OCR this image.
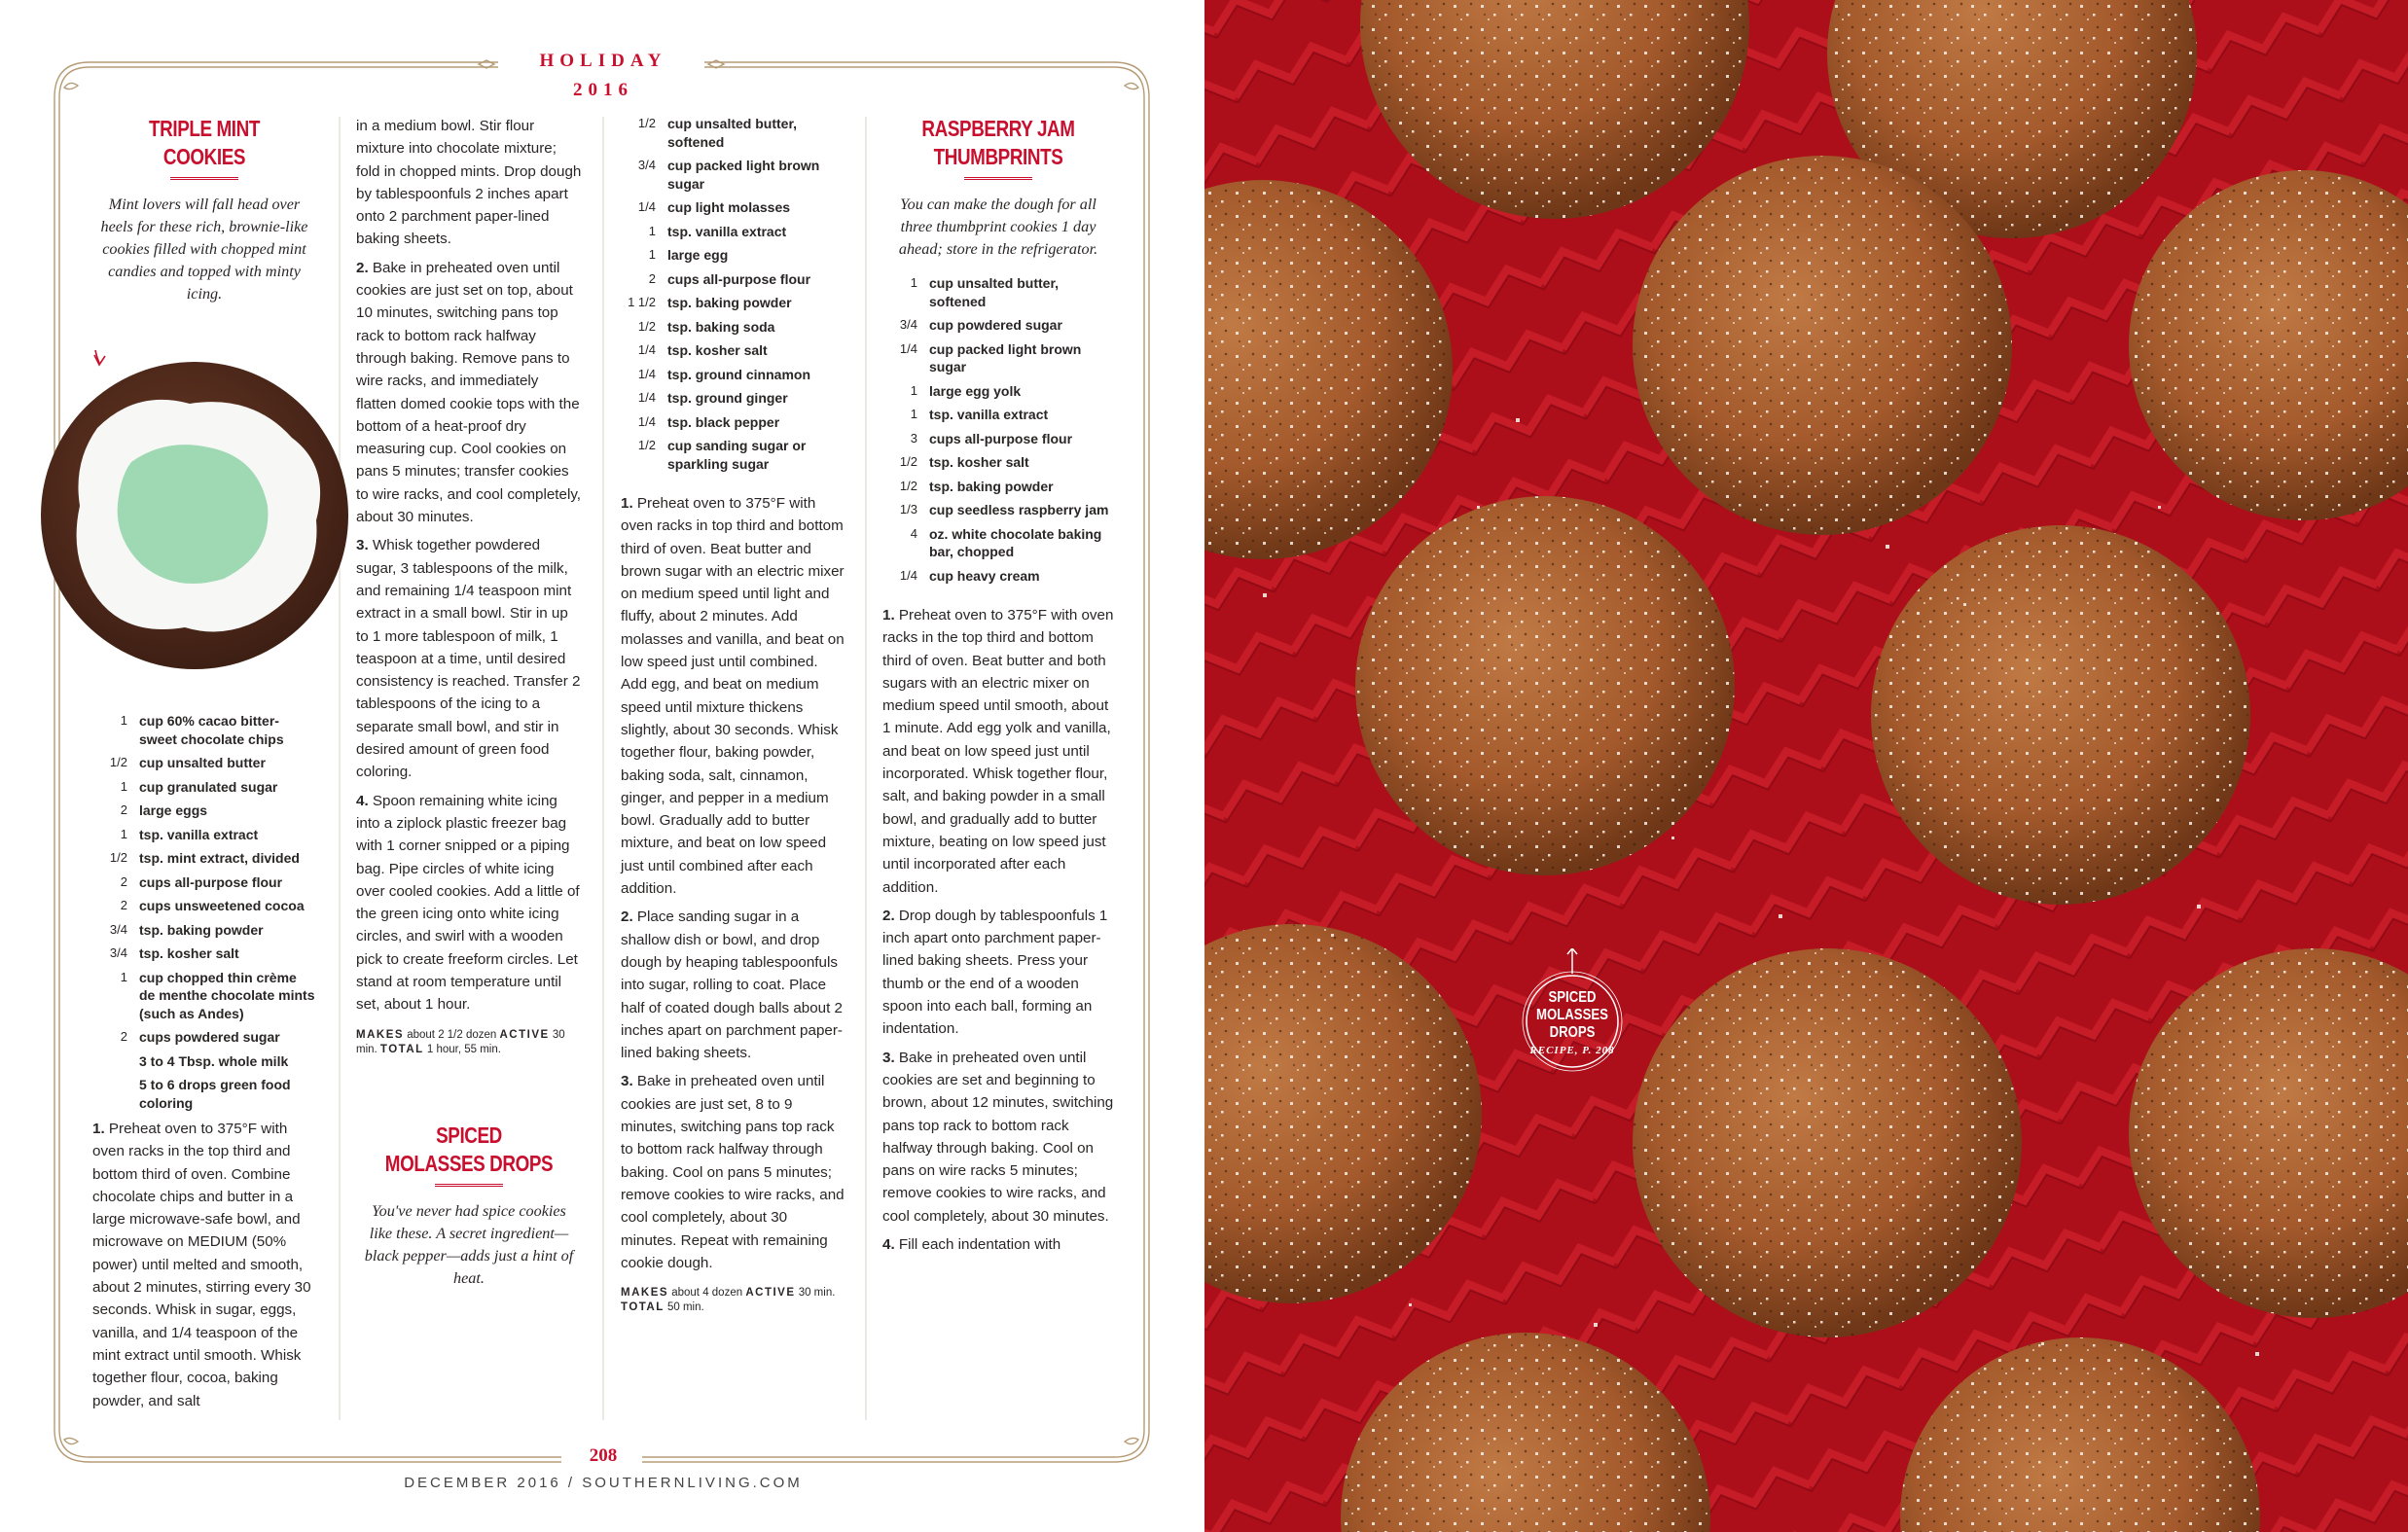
HOLIDAY 2016
208
DECEMBER 2016 / SOUTHERNLIVING.COM
TRIPLE MINT COOKIES
Mint lovers will fall head over heels for these rich, brownie-like cookies filled with chopped mint candies and topped with minty icing.
1 cup 60% cacao bitter-sweet chocolate chips
1/2 cup unsalted butter
1 cup granulated sugar
2 large eggs
1 tsp. vanilla extract
1/2 tsp. mint extract, divided
2 cups all-purpose flour
2 cups unsweetened cocoa
3/4 tsp. baking powder
3/4 tsp. kosher salt
1 cup chopped thin crème de menthe chocolate mints (such as Andes)
2 cups powdered sugar
3 to 4 Tbsp. whole milk
5 to 6 drops green food coloring

1. Preheat oven to 375°F with oven racks in the top third and bottom third of oven. Combine chocolate chips and butter in a large microwave-safe bowl, and microwave on MEDIUM (50% power) until melted and smooth, about 2 minutes, stirring every 30 seconds. Whisk in sugar, eggs, vanilla, and 1/4 teaspoon of the mint extract until smooth. Whisk together flour, cocoa, baking powder, and salt

in a medium bowl. Stir flour mixture into chocolate mixture; fold in chopped mints. Drop dough by tablespoonfuls 2 inches apart onto 2 parchment paper-lined baking sheets.

2. Bake in preheated oven until cookies are just set on top, about 10 minutes, switching pans top rack to bottom rack halfway through baking. Remove pans to wire racks, and immediately flatten domed cookie tops with the bottom of a heat-proof dry measuring cup. Cool cookies on pans 5 minutes; transfer cookies to wire racks, and cool completely, about 30 minutes.

3. Whisk together powdered sugar, 3 tablespoons of the milk, and remaining 1/4 teaspoon mint extract in a small bowl. Stir in up to 1 more tablespoon of milk, 1 teaspoon at a time, until desired consistency is reached. Transfer 2 tablespoons of the icing to a separate small bowl, and stir in desired amount of green food coloring.

4. Spoon remaining white icing into a ziplock plastic freezer bag with 1 corner snipped or a piping bag. Pipe circles of white icing over cooled cookies. Add a little of the green icing onto white icing circles, and swirl with a wooden pick to create freeform circles. Let stand at room temperature until set, about 1 hour.

MAKES about 2 1/2 dozen ACTIVE 30 min. TOTAL 1 hour, 55 min.
SPICED
MOLASSES DROPS
You've never had spice cookies like these. A secret ingredient—black pepper—adds just a hint of heat.
1/2 cup unsalted butter, softened
3/4 cup packed light brown sugar
1/4 cup light molasses
1 tsp. vanilla extract
1 large egg
2 cups all-purpose flour
1 1/2 tsp. baking powder
1/2 tsp. baking soda
1/4 tsp. kosher salt
1/4 tsp. ground cinnamon
1/4 tsp. ground ginger
1/4 tsp. black pepper
1/2 cup sanding sugar or sparkling sugar

1. Preheat oven to 375°F with oven racks in top third and bottom third of oven. Beat butter and brown sugar with an electric mixer on medium speed until light and fluffy, about 2 minutes. Add molasses and vanilla, and beat on low speed just until combined. Add egg, and beat on medium speed until mixture thickens slightly, about 30 seconds. Whisk together flour, baking powder, baking soda, salt, cinnamon, ginger, and pepper in a medium bowl. Gradually add to butter mixture, and beat on low speed just until combined after each addition.

2. Place sanding sugar in a shallow dish or bowl, and drop dough by heaping tablespoonfuls into sugar, rolling to coat. Place half of coated dough balls about 2 inches apart on parchment paper-lined baking sheets.

3. Bake in preheated oven until cookies are just set, 8 to 9 minutes, switching pans top rack to bottom rack halfway through baking. Cool on pans 5 minutes; remove cookies to wire racks, and cool completely, about 30 minutes. Repeat with remaining cookie dough.

MAKES about 4 dozen ACTIVE 30 min. TOTAL 50 min.
RASPBERRY JAM
THUMBPRINTS
You can make the dough for all three thumbprint cookies 1 day ahead; store in the refrigerator.
1 cup unsalted butter, softened
3/4 cup powdered sugar
1/4 cup packed light brown sugar
1 large egg yolk
1 tsp. vanilla extract
3 cups all-purpose flour
1/2 tsp. kosher salt
1/2 tsp. baking powder
1/3 cup seedless raspberry jam
4 oz. white chocolate baking bar, chopped
1/4 cup heavy cream

1. Preheat oven to 375°F with oven racks in the top third and bottom third of oven. Beat butter and both sugars with an electric mixer on medium speed until smooth, about 1 minute. Add egg yolk and vanilla, and beat on low speed just until incorporated. Whisk together flour, salt, and baking powder in a small bowl, and gradually add to butter mixture, beating on low speed just until incorporated after each addition.

2. Drop dough by tablespoonfuls 1 inch apart onto parchment paper-lined baking sheets. Press your thumb or the end of a wooden spoon into each ball, forming an indentation.

3. Bake in preheated oven until cookies are set and beginning to brown, about 12 minutes, switching pans top rack to bottom rack halfway through baking. Cool on pans on wire racks 5 minutes; remove cookies to wire racks, and cool completely, about 30 minutes.

4. Fill each indentation with

SPICED
MOLASSES
DROPS
RECIPE, P. 208
